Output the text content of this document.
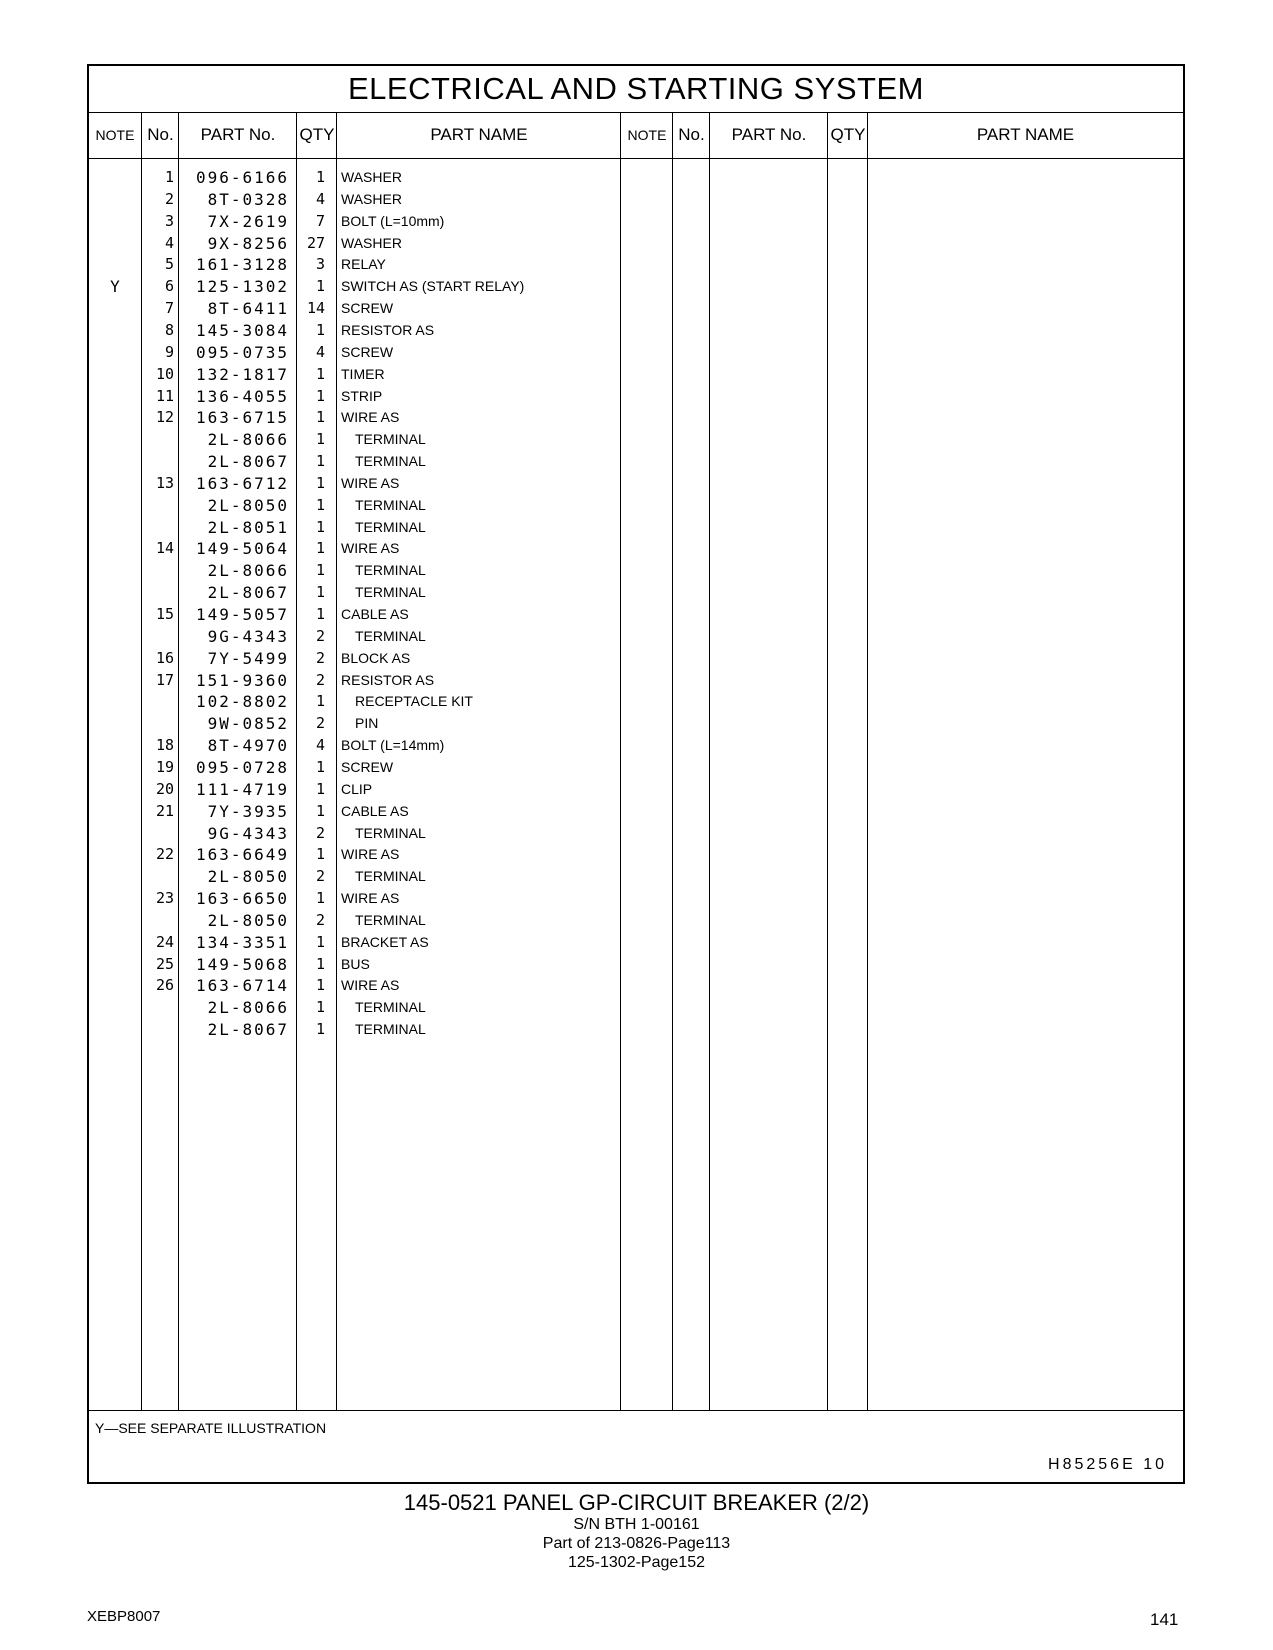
ELECTRICAL AND STARTING SYSTEM
NOTE No.	PART No.	QTY	PART NAME	NOTE No.	PART No.	QTY	PART NAME
1	096-6166	1 WASHER
2	8T-0328	4 WASHER
3	7X-2619	7 BOLT (L=10mm)
4	9X-8256	27 WASHER
5	161-3128	3 RELAY
Y	6	125-1302	1 SWITCH AS (START RELAY)
7	8T-6411	14 SCREW
8	145-3084	1 RESISTOR AS
9	095-0735	4 SCREW
10	132-1817	1 TIMER
11	136-4055	1 STRIP
12	163-6715	1 WIRE AS
2L-8066	1 TERMINAL
2L-8067	1 TERMINAL
13	163-6712	1 WIRE AS
2L-8050	1 TERMINAL
2L-8051	1 TERMINAL
14	149-5064	1 WIRE AS
2L-8066	1 TERMINAL
2L-8067	1 TERMINAL
15	149-5057	1 CABLE AS
9G-4343	2 TERMINAL
16	7Y-5499	2 BLOCK AS
17	151-9360	2 RESISTOR AS
102-8802	1 RECEPTACLE KIT
9W-0852	2 PIN
18	8T-4970	4 BOLT (L=14mm)
19	095-0728	1 SCREW
20	111-4719	1 CLIP
21	7Y-3935	1 CABLE AS
9G-4343	2 TERMINAL
22	163-6649	1 WIRE AS
2L-8050	2 TERMINAL
23	163-6650	1 WIRE AS
2L-8050	2 TERMINAL
24	134-3351	1 BRACKET AS
25	149-5068	1 BUS
26	163-6714	1 WIRE AS
2L-8066	1 TERMINAL
2L-8067	1 TERMINAL
Y—SEE SEPARATE ILLUSTRATION
H85256E 10
145-0521 PANEL GP-CIRCUIT BREAKER (2/2)
S/N BTH 1-00161
Part of 213-0826-Page113
125-1302-Page152
XEBP8007	141
